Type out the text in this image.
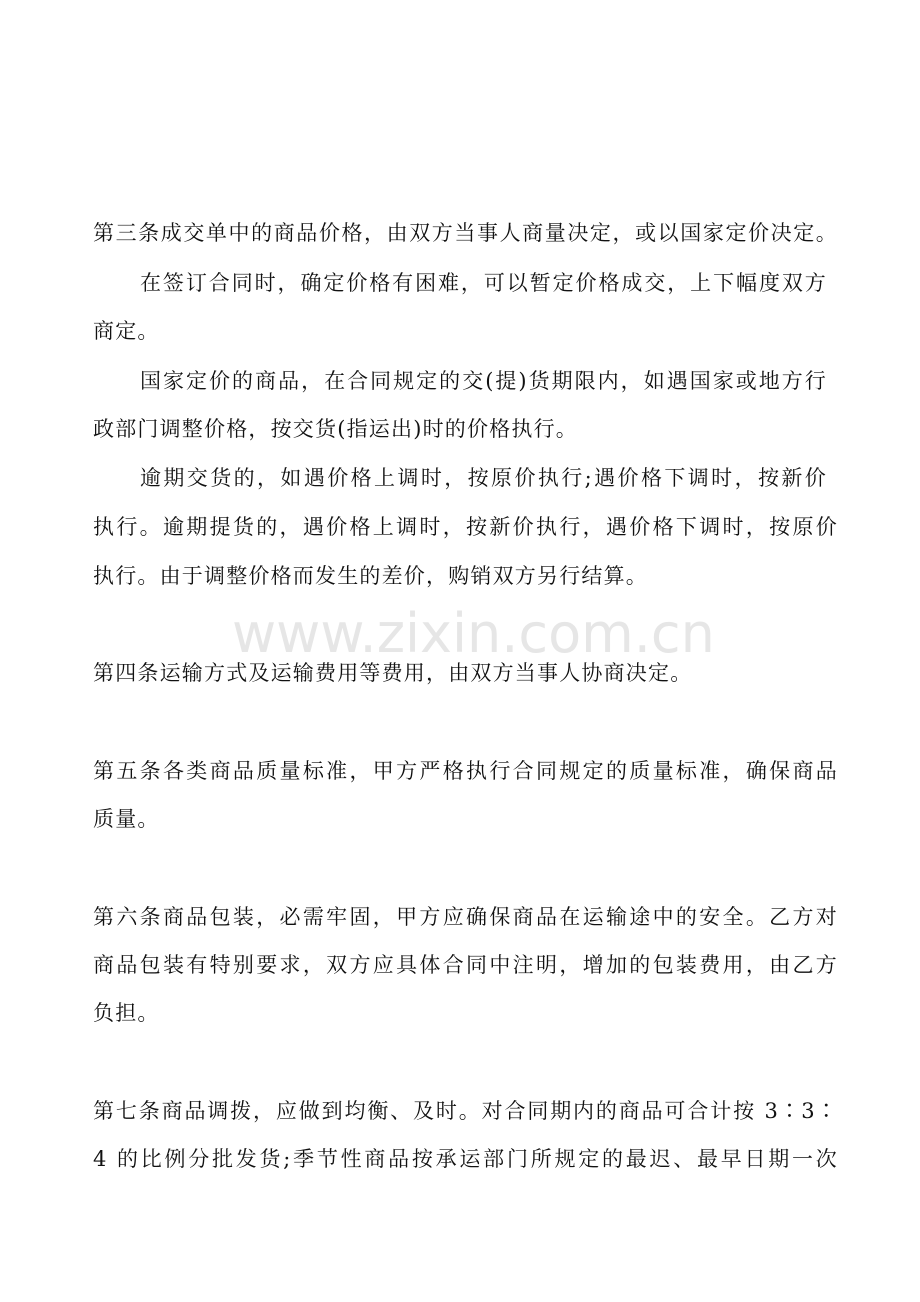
第三条成交单中的商品价格，由双方当事人商量决定，或以国家定价决定。
在签订合同时，确定价格有困难，可以暂定价格成交，上下幅度双方
商定。
国家定价的商品，在合同规定的交(提)货期限内，如遇国家或地方行
政部门调整价格，按交货(指运出)时的价格执行。
逾期交货的，如遇价格上调时，按原价执行;遇价格下调时，按新价
执行。逾期提货的，遇价格上调时，按新价执行，遇价格下调时，按原价
执行。由于调整价格而发生的差价，购销双方另行结算。
www.zixin.com.cn
第四条运输方式及运输费用等费用，由双方当事人协商决定。
第五条各类商品质量标准，甲方严格执行合同规定的质量标准，确保商品
质量。
第六条商品包装，必需牢固，甲方应确保商品在运输途中的安全。乙方对
商品包装有特别要求，双方应具体合同中注明，增加的包装费用，由乙方
负担。
第七条商品调拨，应做到均衡、及时。对合同期内的商品可合计按 3∶3∶
4 的比例分批发货;季节性商品按承运部门所规定的最迟、最早日期一次
